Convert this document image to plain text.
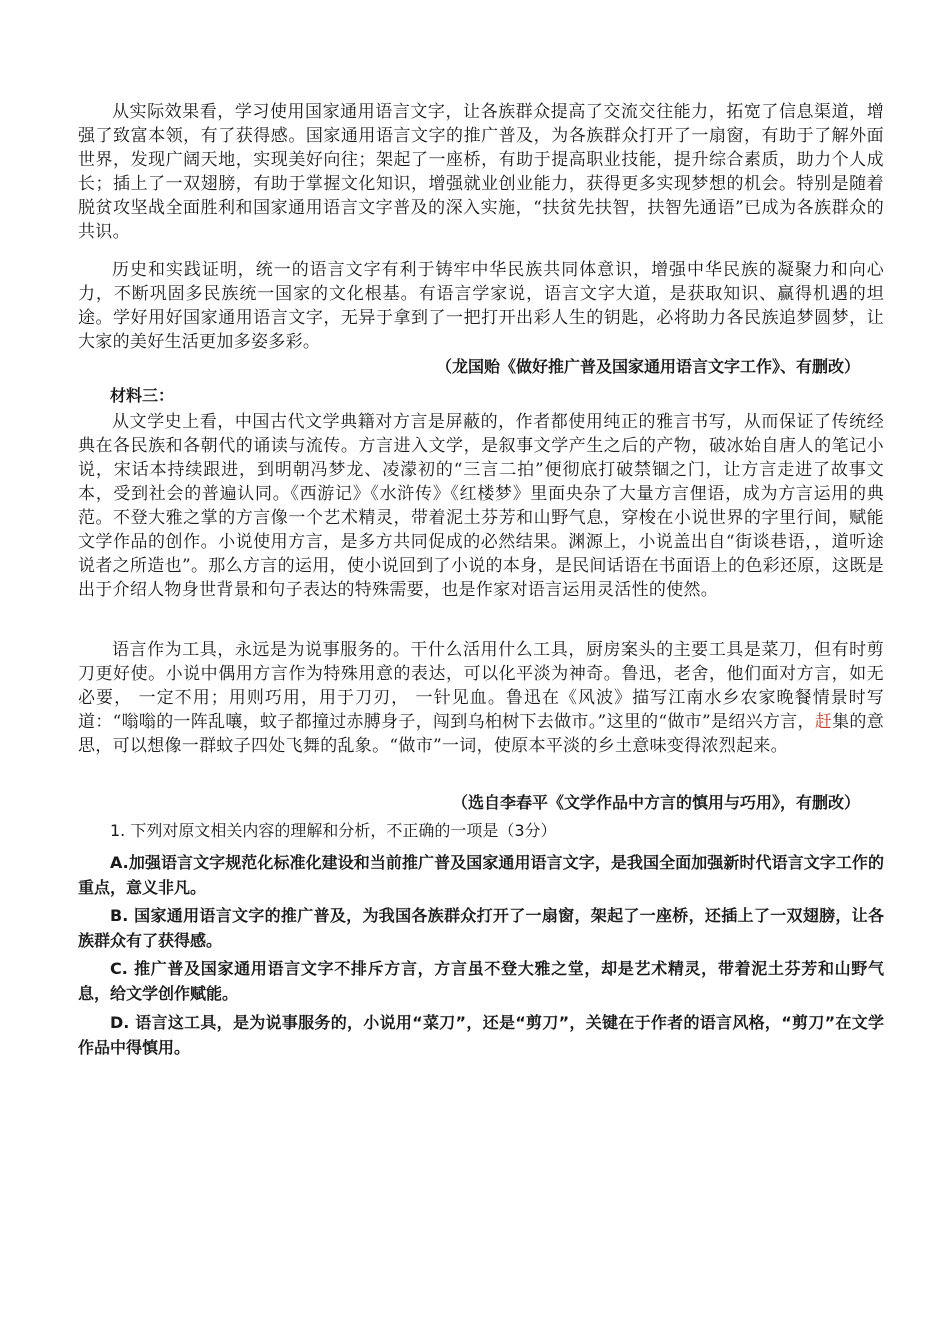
从实际效果看，学习使用国家通用语言文字，让各族群众提高了交流交往能力，拓宽了信息渠道，增强了致富本领，有了获得感。国家通用语言文字的推广普及，为各族群众打开了一扇窗，有助于了解外面世界，发现广阔天地，实现美好向往；架起了一座桥，有助于提高职业技能，提升综合素质，助力个人成长；插上了一双翅膀，有助于掌握文化知识，增强就业创业能力，获得更多实现梦想的机会。特别是随着脱贫攻坚战全面胜利和国家通用语言文字普及的深入实施，“扶贫先扶智，扶智先通语”已成为各族群众的共识。

历史和实践证明，统一的语言文字有利于铸牢中华民族共同体意识，增强中华民族的凝聚力和向心力，不断巩固多民族统一国家的文化根基。有语言学家说，语言文字大道，是获取知识、赢得机遇的坦途。学好用好国家通用语言文字，无异于拿到了一把打开出彩人生的钥匙，必将助力各民族追梦圆梦，让大家的美好生活更加多姿多彩。

（龙国贻《做好推广普及国家通用语言文字工作》、有删改）
材料三：

从文学史上看，中国古代文学典籍对方言是屏蔽的，作者都使用纯正的雅言书写，从而保证了传统经典在各民族和各朝代的诵读与流传。方言进入文学，是叙事文学产生之后的产物，破冰始自唐人的笔记小说，宋话本持续跟进，到明朝冯梦龙、凌濛初的“三言二拍”便彻底打破禁锢之门，让方言走进了故事文本，受到社会的普遍认同。《西游记》《水浒传》《红楼梦》里面央杂了大量方言俚语，成为方言运用的典范。不登大雅之掌的方言像一个艺术精灵，带着泥土芬芳和山野气息，穿梭在小说世界的字里行间，赋能文学作品的创作。小说使用方言，是多方共同促成的必然结果。渊源上，小说盖出自“街谈巷语，，道听途说者之所造也”。那么方言的运用，使小说回到了小说的本身，是民间话语在书面语上的色彩还原，这既是出于介绍人物身世背景和句子表达的特殊需要，也是作家对语言运用灵活性的使然。

语言作为工具，永远是为说事服务的。干什么活用什么工具，厨房案头的主要工具是菜刀，但有时剪刀更好使。小说中偶用方言作为特殊用意的表达，可以化平淡为神奇。鲁迅，老舍，他们面对方言，如无必要， 一定不用；用则巧用，用于刀刃， 一针见血。鲁迅在《风波》描写江南水乡农家晚餐情景时写道：“嗡嗡的一阵乱嚷，蚊子都撞过赤膊身子，闯到乌桕树下去做市。”这里的“做市”是绍兴方言，赶集的意思，可以想像一群蚊子四处飞舞的乱象。“做市”一词，使原本平淡的乡土意味变得浓烈起来。

（选自李春平《文学作品中方言的慎用与巧用》，有删改）

1. 下列对原文相关内容的理解和分析，不正确的一项是（3分）

A.加强语言文字规范化标准化建设和当前推广普及国家通用语言文字，是我国全面加强新时代语言文字工作的重点，意义非凡。

B. 国家通用语言文字的推广普及，为我国各族群众打开了一扇窗，架起了一座桥，还插上了一双翅膀，让各族群众有了获得感。

C. 推广普及国家通用语言文字不排斥方言，方言虽不登大雅之堂，却是艺术精灵，带着泥土芬芳和山野气息，给文学创作赋能。

D. 语言这工具，是为说事服务的，小说用“菜刀”，还是“剪刀”，关键在于作者的语言风格，“剪刀”在文学作品中得慎用。
